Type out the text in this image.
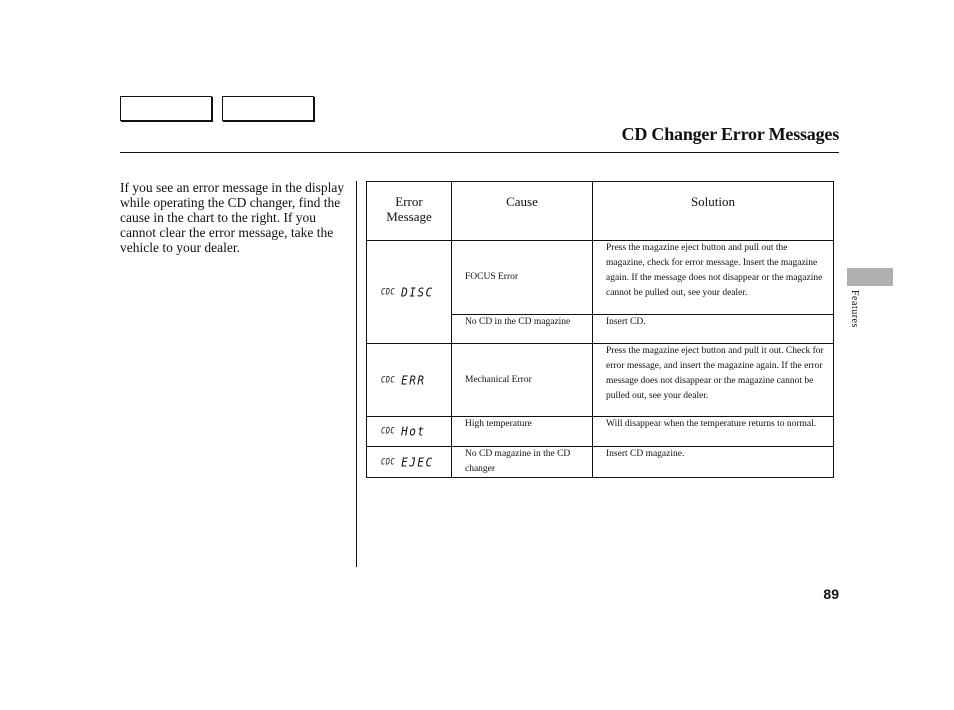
CD Changer Error Messages
If you see an error message in the display while operating the CD changer, find the cause in the chart to the right. If you cannot clear the error message, take the vehicle to your dealer.
Error Message	Cause	Solution

CDC DISC	FOCUS Error	Press the magazine eject button and pull out the magazine, check for error message. Insert the magazine again. If the message does not disappear or the magazine cannot be pulled out, see your dealer.
	No CD in the CD magazine	Insert CD.

CDC ERR	Mechanical Error	Press the magazine eject button and pull it out. Check for error message, and insert the magazine again. If the error message does not disappear or the magazine cannot be pulled out, see your dealer.

CDC Hot	High temperature	Will disappear when the temperature returns to normal.

CDC EJEC	No CD magazine in the CD changer	Insert CD magazine.
Features
89
